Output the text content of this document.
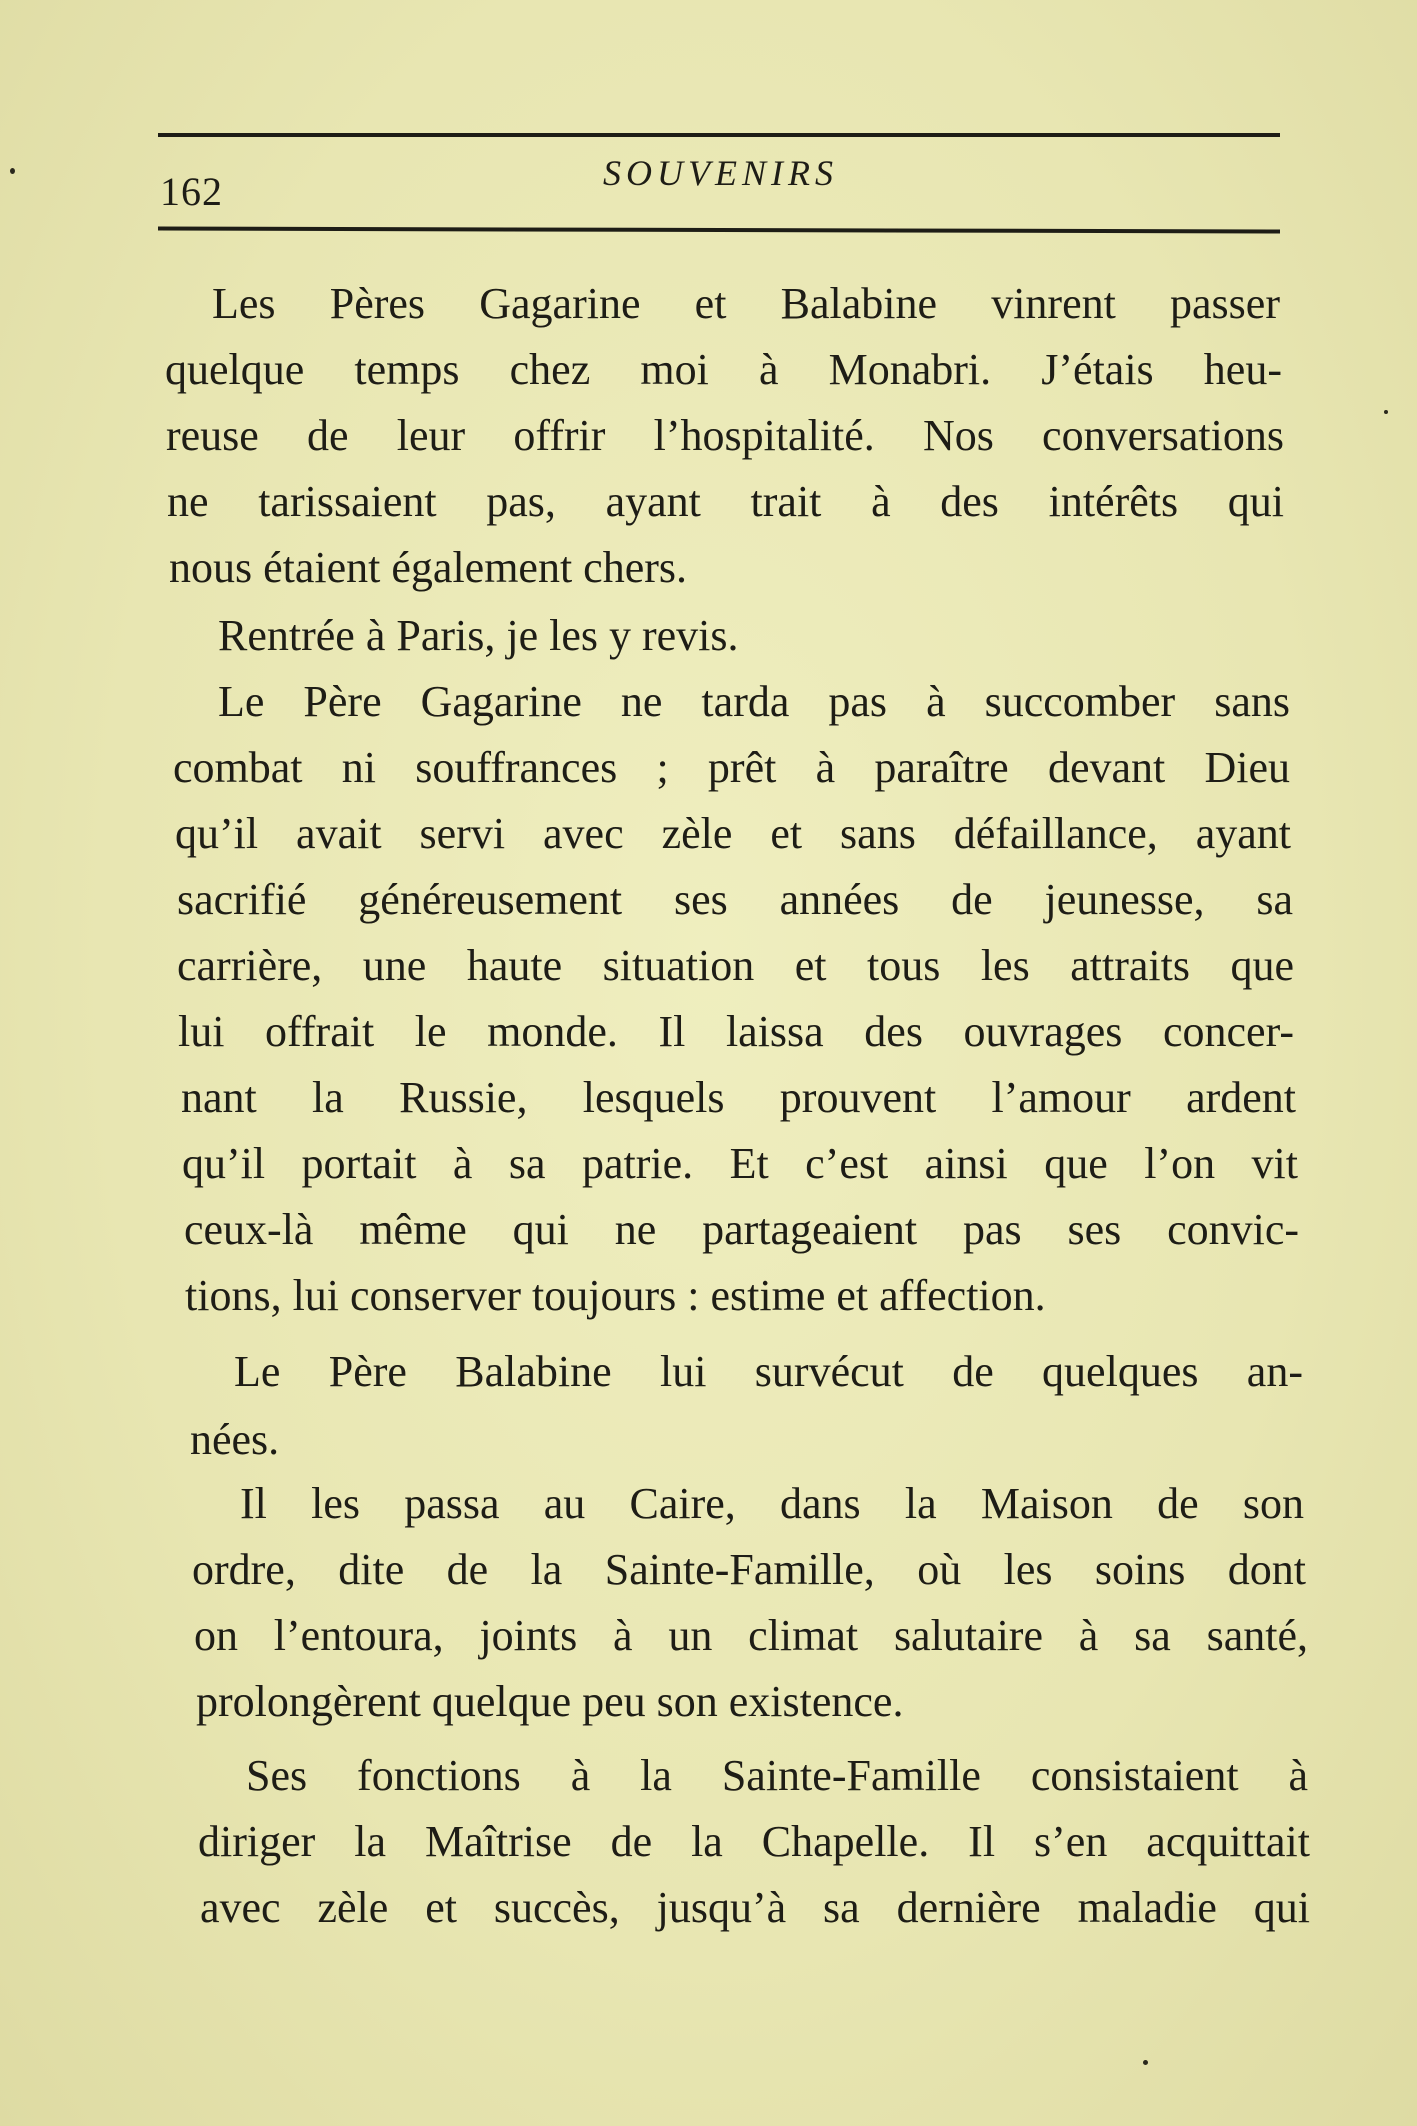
162	SOUVENIRS
Les Pères Gagarine et Balabine vinrent passer
quelque temps chez moi à Monabri. J’étais heu-
reuse de leur offrir l’hospitalité. Nos conversations
ne tarissaient pas, ayant trait à des intérêts qui
nous étaient également chers.
Rentrée à Paris, je les y revis.
Le Père Gagarine ne tarda pas à succomber sans
combat ni souffrances ; prêt à paraître devant Dieu
qu’il avait servi avec zèle et sans défaillance, ayant
sacrifié généreusement ses années de jeunesse, sa
carrière, une haute situation et tous les attraits que
lui offrait le monde. Il laissa des ouvrages concer-
nant la Russie, lesquels prouvent l’amour ardent
qu’il portait à sa patrie. Et c’est ainsi que l’on vit
ceux-là même qui ne partageaient pas ses convic-
tions, lui conserver toujours : estime et affection.
Le Père Balabine lui survécut de quelques an-
nées.
Il les passa au Caire, dans la Maison de son
ordre, dite de la Sainte-Famille, où les soins dont
on l’entoura, joints à un climat salutaire à sa santé,
prolongèrent quelque peu son existence.
Ses fonctions à la Sainte-Famille consistaient à
diriger la Maîtrise de la Chapelle. Il s’en acquittait
avec zèle et succès, jusqu’à sa dernière maladie qui
